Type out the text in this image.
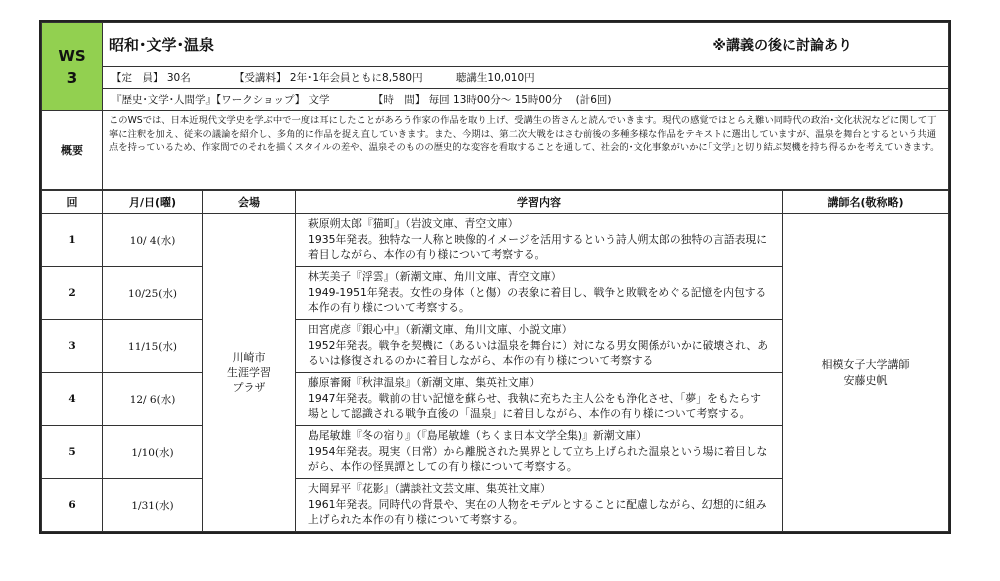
WS
3	昭和･文学･温泉 ※講義の後に討論あり

	【定　員】 30名 【受講料】 2年･1年会員ともに8,580円 聴講生10,010円
	『歴史･文学･人間学』【ワークショップ】 文学 【時　間】 毎回 13時00分～ 15時00分 (計6回)
概要	このWSでは、日本近現代文学史を学ぶ中で一度は耳にしたことがあろう作家の作品を取り上げ、受講生の皆さんと読んでいきます。現代の感覚ではとらえ難い同時代の政治･文化状況などに関して丁寧に注釈を加え、従来の議論を紹介し、多角的に作品を捉え直していきます。また、今期は、第二次大戦をはさむ前後の多種多様な作品をテキストに選出していますが、温泉を舞台とするという共通点を持っているため、作家間でのそれを描くスタイルの差や、温泉そのものの歴史的な変容を看取することを通して、社会的･文化事象がいかに｢文学｣と切り結ぶ契機を持ち得るかを考えていきます。
回	月/日(曜)	会場	学習内容	講師名(敬称略)
1	10/ 4(水)	川崎市
生涯学習
プラザ	萩原朔太郎『猫町』（岩波文庫、青空文庫）
1935年発表。独特な一人称と映像的イメージを活用するという詩人朔太郎の独特の言語表現に着目しながら、本作の有り様について考察する。	相模女子大学講師
安藤史帆

2	10/25(水)		林芙美子『浮雲』（新潮文庫、角川文庫、青空文庫）
1949-1951年発表。女性の身体（と傷）の表象に着目し、戦争と敗戦をめぐる記憶を内包する本作の有り様について考察する。	
3	11/15(水)		田宮虎彦『銀心中』（新潮文庫、角川文庫、小説文庫）
1952年発表。戦争を契機に（あるいは温泉を舞台に）対になる男女関係がいかに破壊され、あるいは修復されるのかに着目しながら、本作の有り様について考察する	
4	12/ 6(水)		藤原審爾『秋津温泉』（新潮文庫、集英社文庫）
1947年発表。戦前の甘い記憶を蘇らせ、我執に充ちた主人公をも浄化させ、「夢」をもたらす場として認識される戦争直後の「温泉」に着目しながら、本作の有り様について考察する。	
5	1/10(水)		島尾敏雄『冬の宿り』（『島尾敏雄（ちくま日本文学全集)』新潮文庫）
1954年発表。現実（日常）から離脱された異界として立ち上げられた温泉という場に着目しながら、本作の怪異譚としての有り様について考察する。	
6	1/31(水)		大岡昇平『花影』（講談社文芸文庫、集英社文庫）
1961年発表。同時代の背景や、実在の人物をモデルとすることに配慮しながら、幻想的に組み上げられた本作の有り様について考察する。	
